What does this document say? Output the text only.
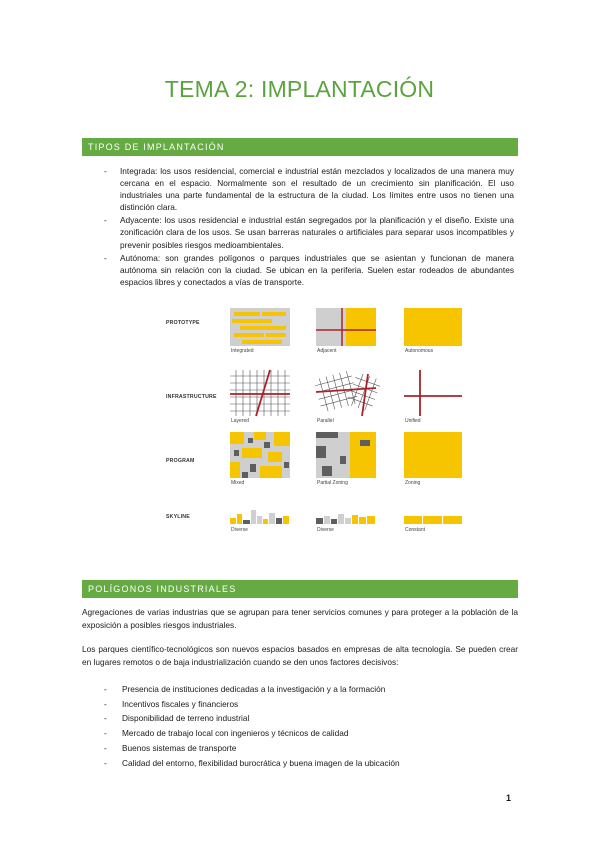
TEMA 2: IMPLANTACIÓN
TIPOS DE IMPLANTACIÓN
- Integrada: los usos residencial, comercial e industrial están mezclados y localizados de una manera muy cercana en el espacio. Normalmente son el resultado de un crecimiento sin planificación. El uso industriales una parte fundamental de la estructura de la ciudad. Los límites entre usos no tienen una distinción clara.
- Adyacente: los usos residencial e industrial están segregados por la planificación y el diseño. Existe una zonificación clara de los usos. Se usan barreras naturales o artificiales para separar usos incompatibles y prevenir posibles riesgos medioambientales.
- Autónoma: son grandes polígonos o parques industriales que se asientan y funcionan de manera autónoma sin relación con la ciudad. Se ubican en la periferia. Suelen estar rodeados de abundantes espacios libres y conectados a vías de transporte.
PROTOTYPE
INFRASTRUCTURE
PROGRAM
SKYLINE
Integrated	Adjacent	Autonomous
Layered	Parallel	Unified
Mixed	Partial Zoning	Zoning
Diverse	Diverse	Constant
POLÍGONOS INDUSTRIALES

Agregaciones de varias industrias que se agrupan para tener servicios comunes y para proteger a la población de la exposición a posibles riesgos industriales.

Los parques científico-tecnológicos son nuevos espacios basados en empresas de alta tecnología. Se pueden crear en lugares remotos o de baja industrialización cuando se den unos factores decisivos:

- Presencia de instituciones dedicadas a la investigación y a la formación
- Incentivos fiscales y financieros
- Disponibilidad de terreno industrial
- Mercado de trabajo local con ingenieros y técnicos de calidad
- Buenos sistemas de transporte
- Calidad del entorno, flexibilidad burocrática y buena imagen de la ubicación
1
